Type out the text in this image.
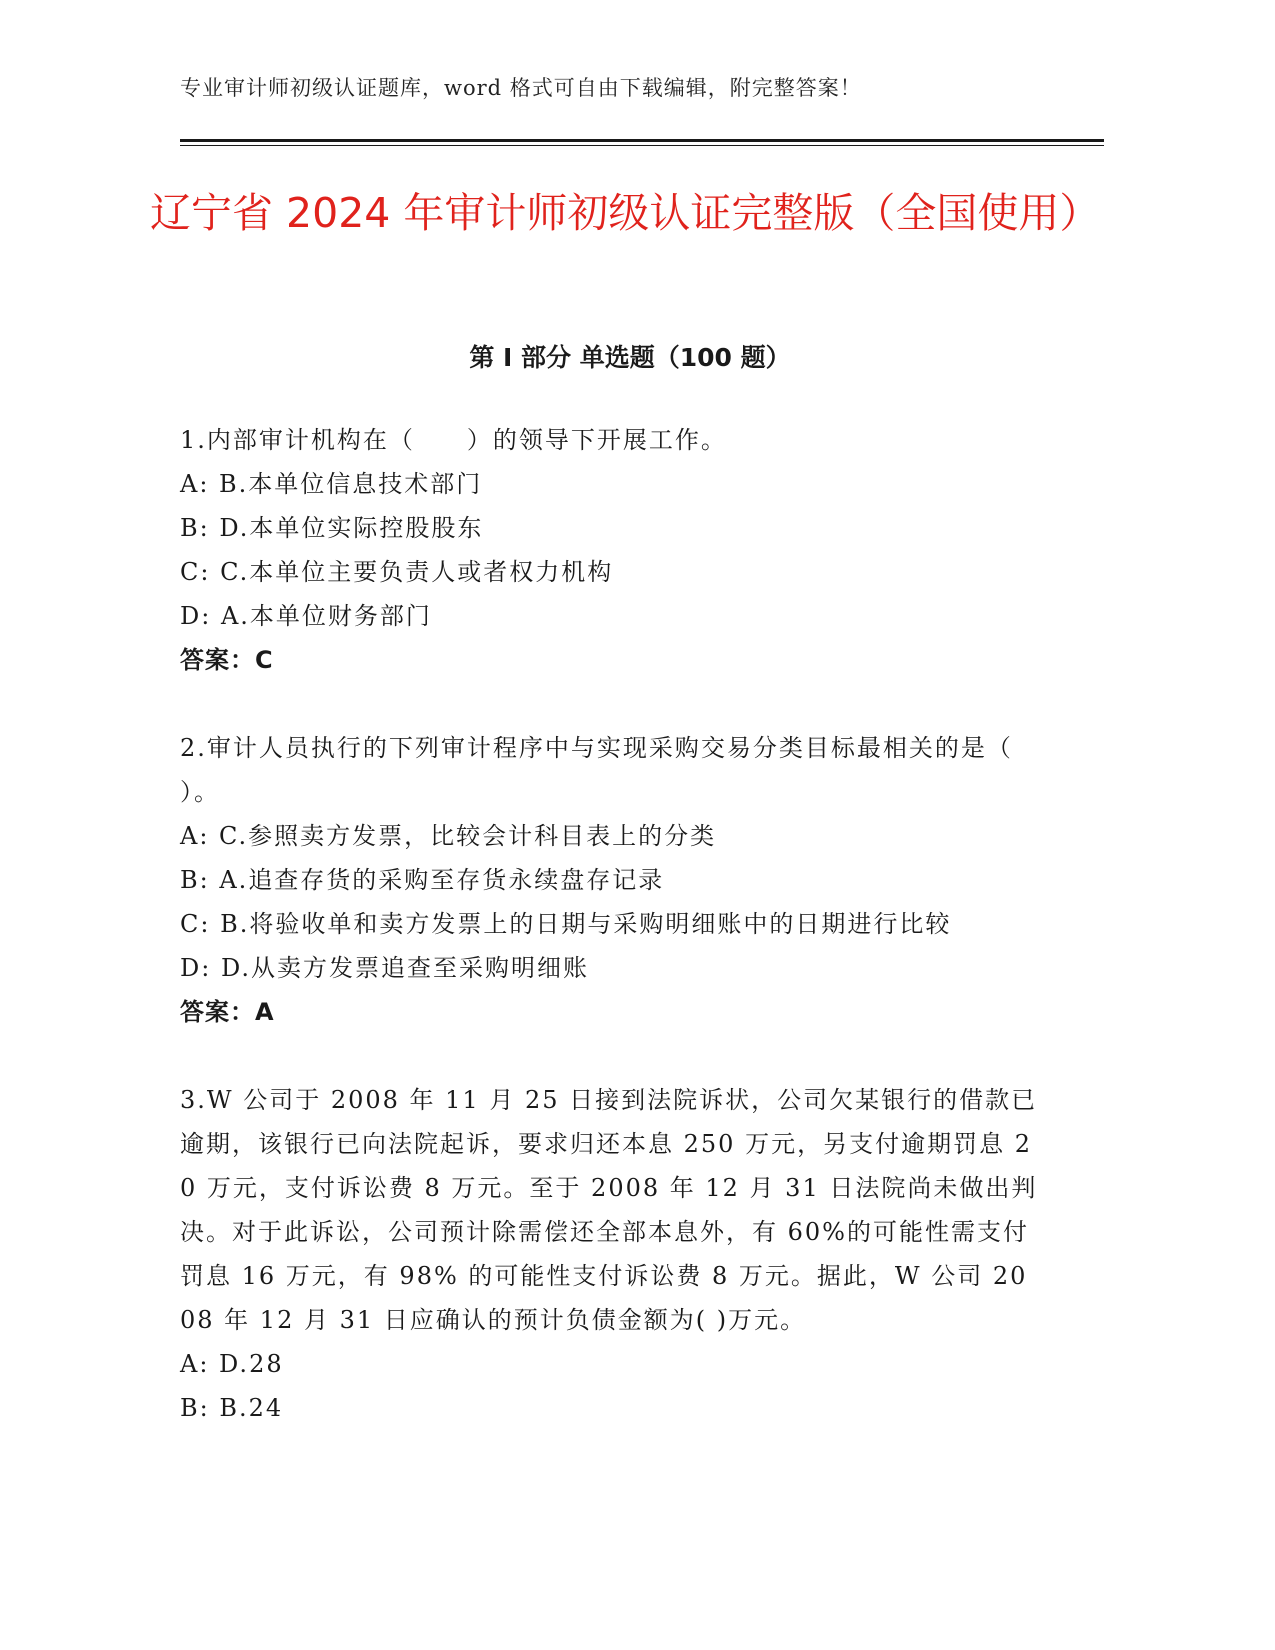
专业审计师初级认证题库，word 格式可自由下载编辑，附完整答案！
辽宁省 2024 年审计师初级认证完整版（全国使用）
第 I 部分 单选题（100 题）
1.内部审计机构在（　　）的领导下开展工作。
A: B.本单位信息技术部门
B: D.本单位实际控股股东
C: C.本单位主要负责人或者权力机构
D: A.本单位财务部门
答案：C
2.审计人员执行的下列审计程序中与实现采购交易分类目标最相关的是（　　）。
A: C.参照卖方发票，比较会计科目表上的分类
B: A.追查存货的采购至存货永续盘存记录
C: B.将验收单和卖方发票上的日期与采购明细账中的日期进行比较
D: D.从卖方发票追查至采购明细账
答案：A
3.W 公司于 2008 年 11 月 25 日接到法院诉状，公司欠某银行的借款已逾期，该银行已向法院起诉，要求归还本息 250 万元，另支付逾期罚息 20 万元，支付诉讼费 8 万元。至于 2008 年 12 月 31 日法院尚未做出判决。对于此诉讼，公司预计除需偿还全部本息外，有 60%的可能性需支付罚息 16 万元，有 98% 的可能性支付诉讼费 8 万元。据此，W 公司 2008 年 12 月 31 日应确认的预计负债金额为( )万元。
A: D.28
B: B.24
